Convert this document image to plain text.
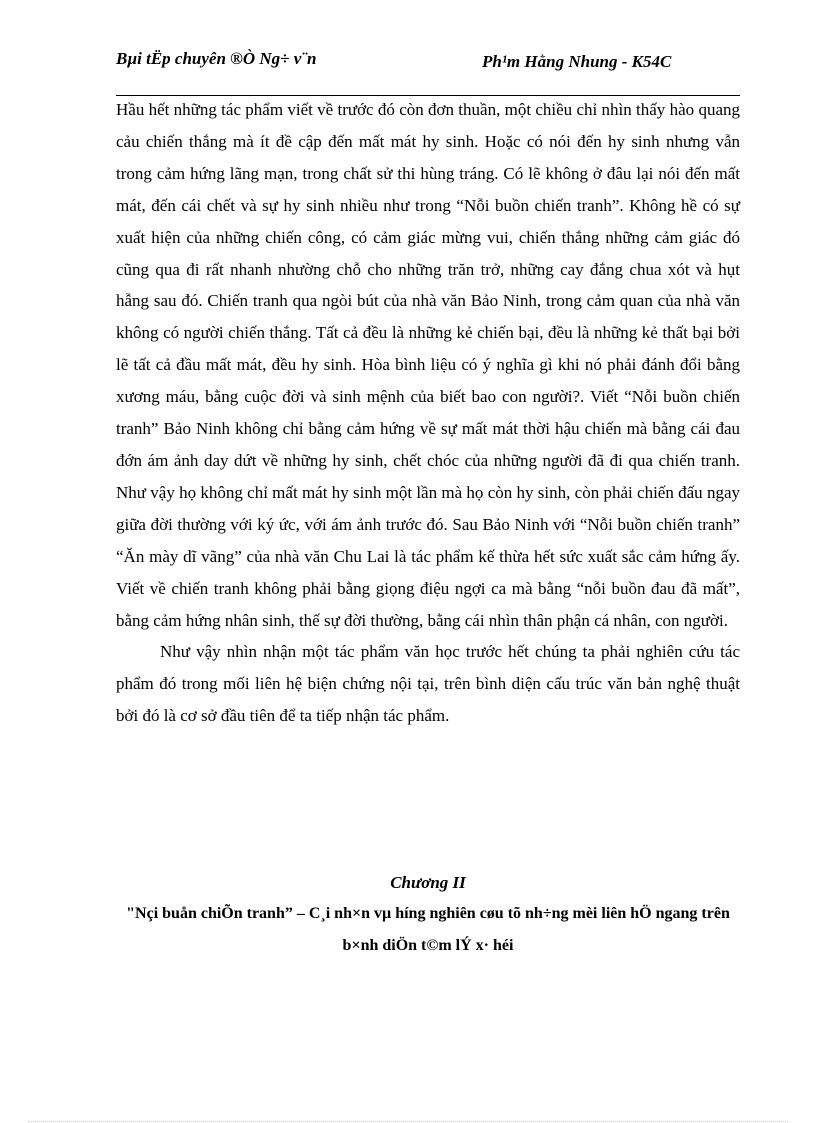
Bµi tËp chuyên ®Ò Ng÷ v¨n	Ph¹m Hằng Nhung - K54C

Hầu hết những tác phẩm viết về trước đó còn đơn thuần, một chiều chỉ nhìn thấy hào quang cảu chiến thắng mà ít đề cập đến mất mát hy sinh. Hoặc có nói đến hy sinh nhưng vẫn trong cảm hứng lãng mạn, trong chất sử thi hùng tráng. Có lẽ không ở đâu lại nói đến mất mát, đến cái chết và sự hy sinh nhiều như trong “Nỗi buồn chiến tranh”. Không hề có sự xuất hiện của những chiến công, có cảm giác mừng vui, chiến thắng những cảm giác đó cũng qua đi rất nhanh nhường chỗ cho những trăn trở, những cay đắng chua xót và hụt hẫng sau đó. Chiến tranh qua ngòi bút của nhà văn Bảo Ninh, trong cảm quan của nhà văn không có người chiến thắng. Tất cả đều là những kẻ chiến bại, đều là những kẻ thất bại bởi lẽ tất cả đầu mất mát, đều hy sinh. Hòa bình liệu có ý nghĩa gì khi nó phải đánh đổi bằng xương máu, bằng cuộc đời và sinh mệnh của biết bao con người?. Viết “Nỗi buồn chiến tranh” Bảo Ninh không chỉ bằng cảm hứng về sự mất mát thời hậu chiến mà bằng cái đau đớn ám ảnh day dứt về những hy sinh, chết chóc của những người đã đi qua chiến tranh. Như vậy họ không chỉ mất mát hy sinh một lần mà họ còn hy sinh, còn phải chiến đấu ngay giữa đời thường với ký ức, với ám ảnh trước đó. Sau Bảo Ninh với “Nỗi buồn chiến tranh” “Ăn mày dĩ vãng” của nhà văn Chu Lai là tác phẩm kế thừa hết sức xuất sắc cảm hứng ấy. Viết về chiến tranh không phải bằng giọng điệu ngợi ca mà bằng “nỗi buồn đau đã mất”, bằng cảm hứng nhân sinh, thế sự đời thường, bằng cái nhìn thân phận cá nhân, con người.

Như vậy nhìn nhận một tác phẩm văn học trước hết chúng ta phải nghiên cứu tác phẩm đó trong mối liên hệ biện chứng nội tại, trên bình diện cấu trúc văn bản nghệ thuật bởi đó là cơ sở đầu tiên để ta tiếp nhận tác phẩm.

Chương II
"Nçi buån chiÕn tranh” – C¸i nh×n vµ híng nghiên cøu tõ nh÷ng mèi liên hÖ ngang trên b×nh diÖn t©m lÝ x· héi
